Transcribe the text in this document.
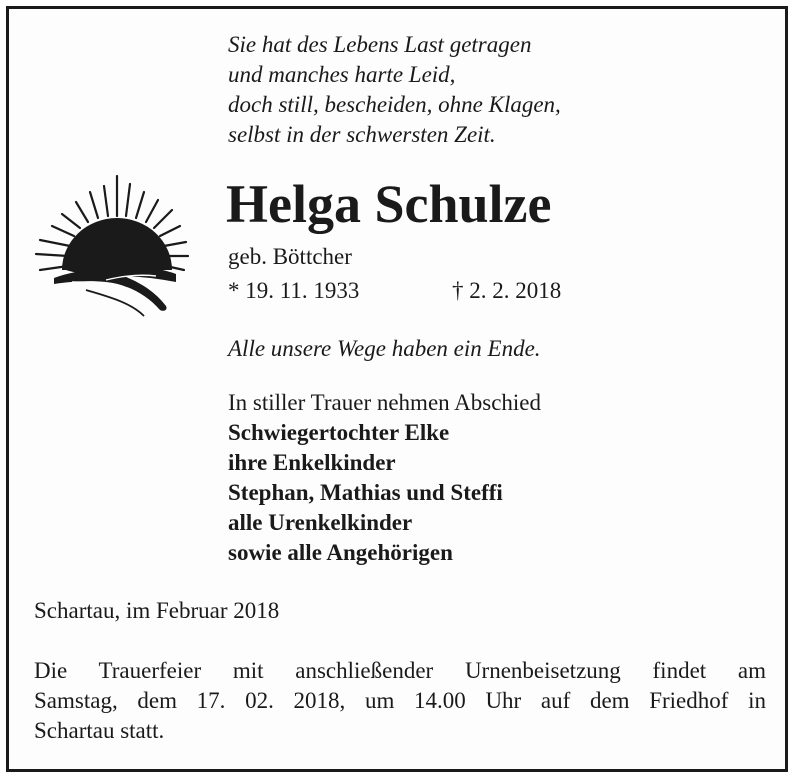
Sie hat des Lebens Last getragen
und manches harte Leid,
doch still, bescheiden, ohne Klagen,
selbst in der schwersten Zeit.
Helga Schulze
geb. Böttcher
* 19. 11. 1933	† 2. 2. 2018
Alle unsere Wege haben ein Ende.
In stiller Trauer nehmen Abschied
Schwiegertochter Elke
ihre Enkelkinder
Stephan, Mathias und Steffi
alle Urenkelkinder
sowie alle Angehörigen
Schartau, im Februar 2018
Die Trauerfeier mit anschließender Urnenbeisetzung findet am
Samstag, dem 17. 02. 2018, um 14.00 Uhr auf dem Friedhof in
Schartau statt.
